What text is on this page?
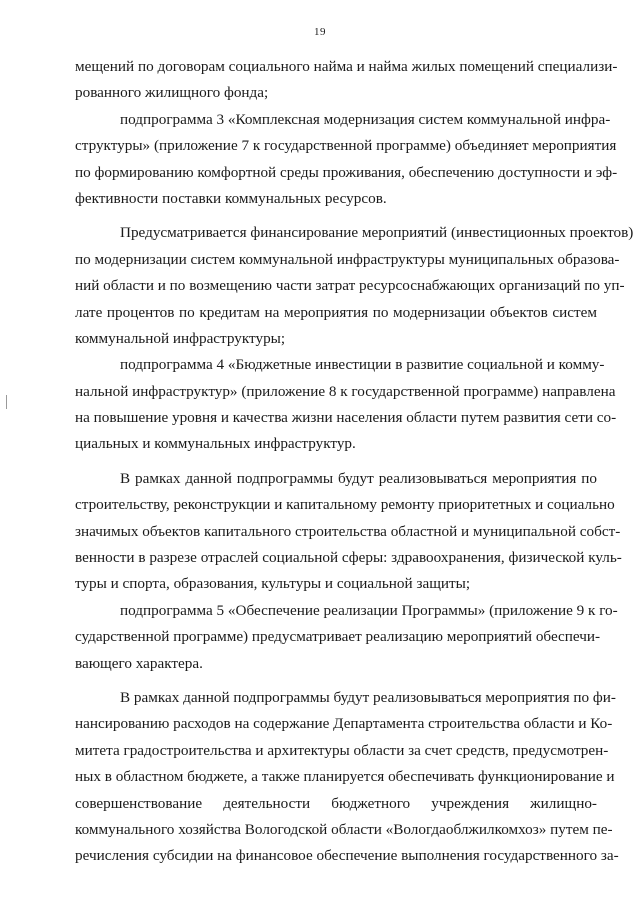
19
мещений по договорам социального найма и найма жилых помещений специализи-
рованного жилищного фонда;
подпрограмма 3 «Комплексная модернизация систем коммунальной инфра-
структуры» (приложение 7 к государственной программе) объединяет мероприятия
по формированию комфортной среды проживания, обеспечению доступности и эф-
фективности поставки коммунальных ресурсов.
Предусматривается финансирование мероприятий (инвестиционных проектов)
по модернизации систем коммунальной инфраструктуры муниципальных образова-
ний области и по возмещению части затрат ресурсоснабжающих организаций по уп-
лате процентов по кредитам на мероприятия по модернизации объектов систем
коммунальной инфраструктуры;
подпрограмма 4 «Бюджетные инвестиции в развитие социальной и комму-
нальной инфраструктур» (приложение 8 к государственной программе) направлена
на повышение уровня и качества жизни населения области путем развития сети со-
циальных и коммунальных инфраструктур.
В рамках данной подпрограммы будут реализовываться мероприятия по
строительству, реконструкции и капитальному ремонту приоритетных и социально
значимых объектов капитального строительства областной и муниципальной собст-
венности в разрезе отраслей социальной сферы: здравоохранения, физической куль-
туры и спорта, образования, культуры и социальной защиты;
подпрограмма 5 «Обеспечение реализации Программы» (приложение 9 к го-
сударственной программе) предусматривает реализацию мероприятий обеспечи-
вающего характера.
В рамках данной подпрограммы будут реализовываться мероприятия по фи-
нансированию расходов на содержание Департамента строительства области и Ко-
митета градостроительства и архитектуры области за счет средств, предусмотрен-
ных в областном бюджете, а также планируется обеспечивать функционирование и
совершенствование деятельности бюджетного учреждения жилищно-
коммунального хозяйства Вологодской области «Вологдаоблжилкомхоз» путем пе-
речисления субсидии на финансовое обеспечение выполнения государственного за-
